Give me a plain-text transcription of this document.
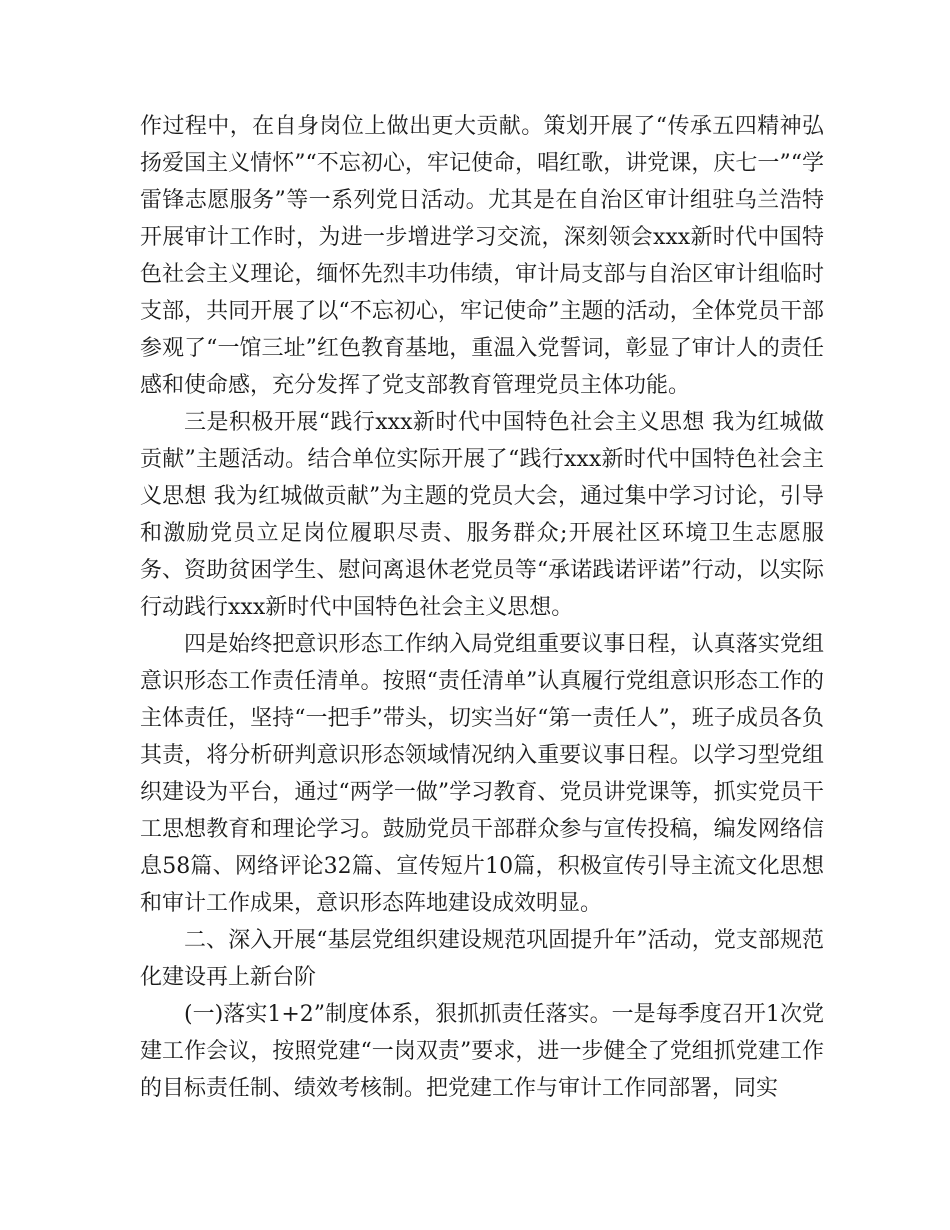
作过程中，在自身岗位上做出更大贡献。策划开展了“传承五四精神弘扬爱国主义情怀”“不忘初心，牢记使命，唱红歌，讲党课，庆七一”“学雷锋志愿服务”等一系列党日活动。尤其是在自治区审计组驻乌兰浩特开展审计工作时，为进一步增进学习交流，深刻领会xxx新时代中国特色社会主义理论，缅怀先烈丰功伟绩，审计局支部与自治区审计组临时支部，共同开展了以“不忘初心，牢记使命”主题的活动，全体党员干部参观了“一馆三址”红色教育基地，重温入党誓词，彰显了审计人的责任感和使命感，充分发挥了党支部教育管理党员主体功能。

三是积极开展“践行xxx新时代中国特色社会主义思想 我为红城做贡献”主题活动。结合单位实际开展了“践行xxx新时代中国特色社会主义思想 我为红城做贡献”为主题的党员大会，通过集中学习讨论，引导和激励党员立足岗位履职尽责、服务群众;开展社区环境卫生志愿服务、资助贫困学生、慰问离退休老党员等“承诺践诺评诺”行动，以实际行动践行xxx新时代中国特色社会主义思想。

四是始终把意识形态工作纳入局党组重要议事日程，认真落实党组意识形态工作责任清单。按照“责任清单”认真履行党组意识形态工作的主体责任，坚持“一把手”带头，切实当好“第一责任人”，班子成员各负其责，将分析研判意识形态领域情况纳入重要议事日程。以学习型党组织建设为平台，通过“两学一做”学习教育、党员讲党课等，抓实党员干工思想教育和理论学习。鼓励党员干部群众参与宣传投稿，编发网络信息58篇、网络评论32篇、宣传短片10篇，积极宣传引导主流文化思想和审计工作成果，意识形态阵地建设成效明显。

二、深入开展“基层党组织建设规范巩固提升年”活动，党支部规范化建设再上新台阶

(一)落实1+2”制度体系，狠抓抓责任落实。一是每季度召开1次党建工作会议，按照党建“一岗双责”要求，进一步健全了党组抓党建工作的目标责任制、绩效考核制。把党建工作与审计工作同部署，同实
